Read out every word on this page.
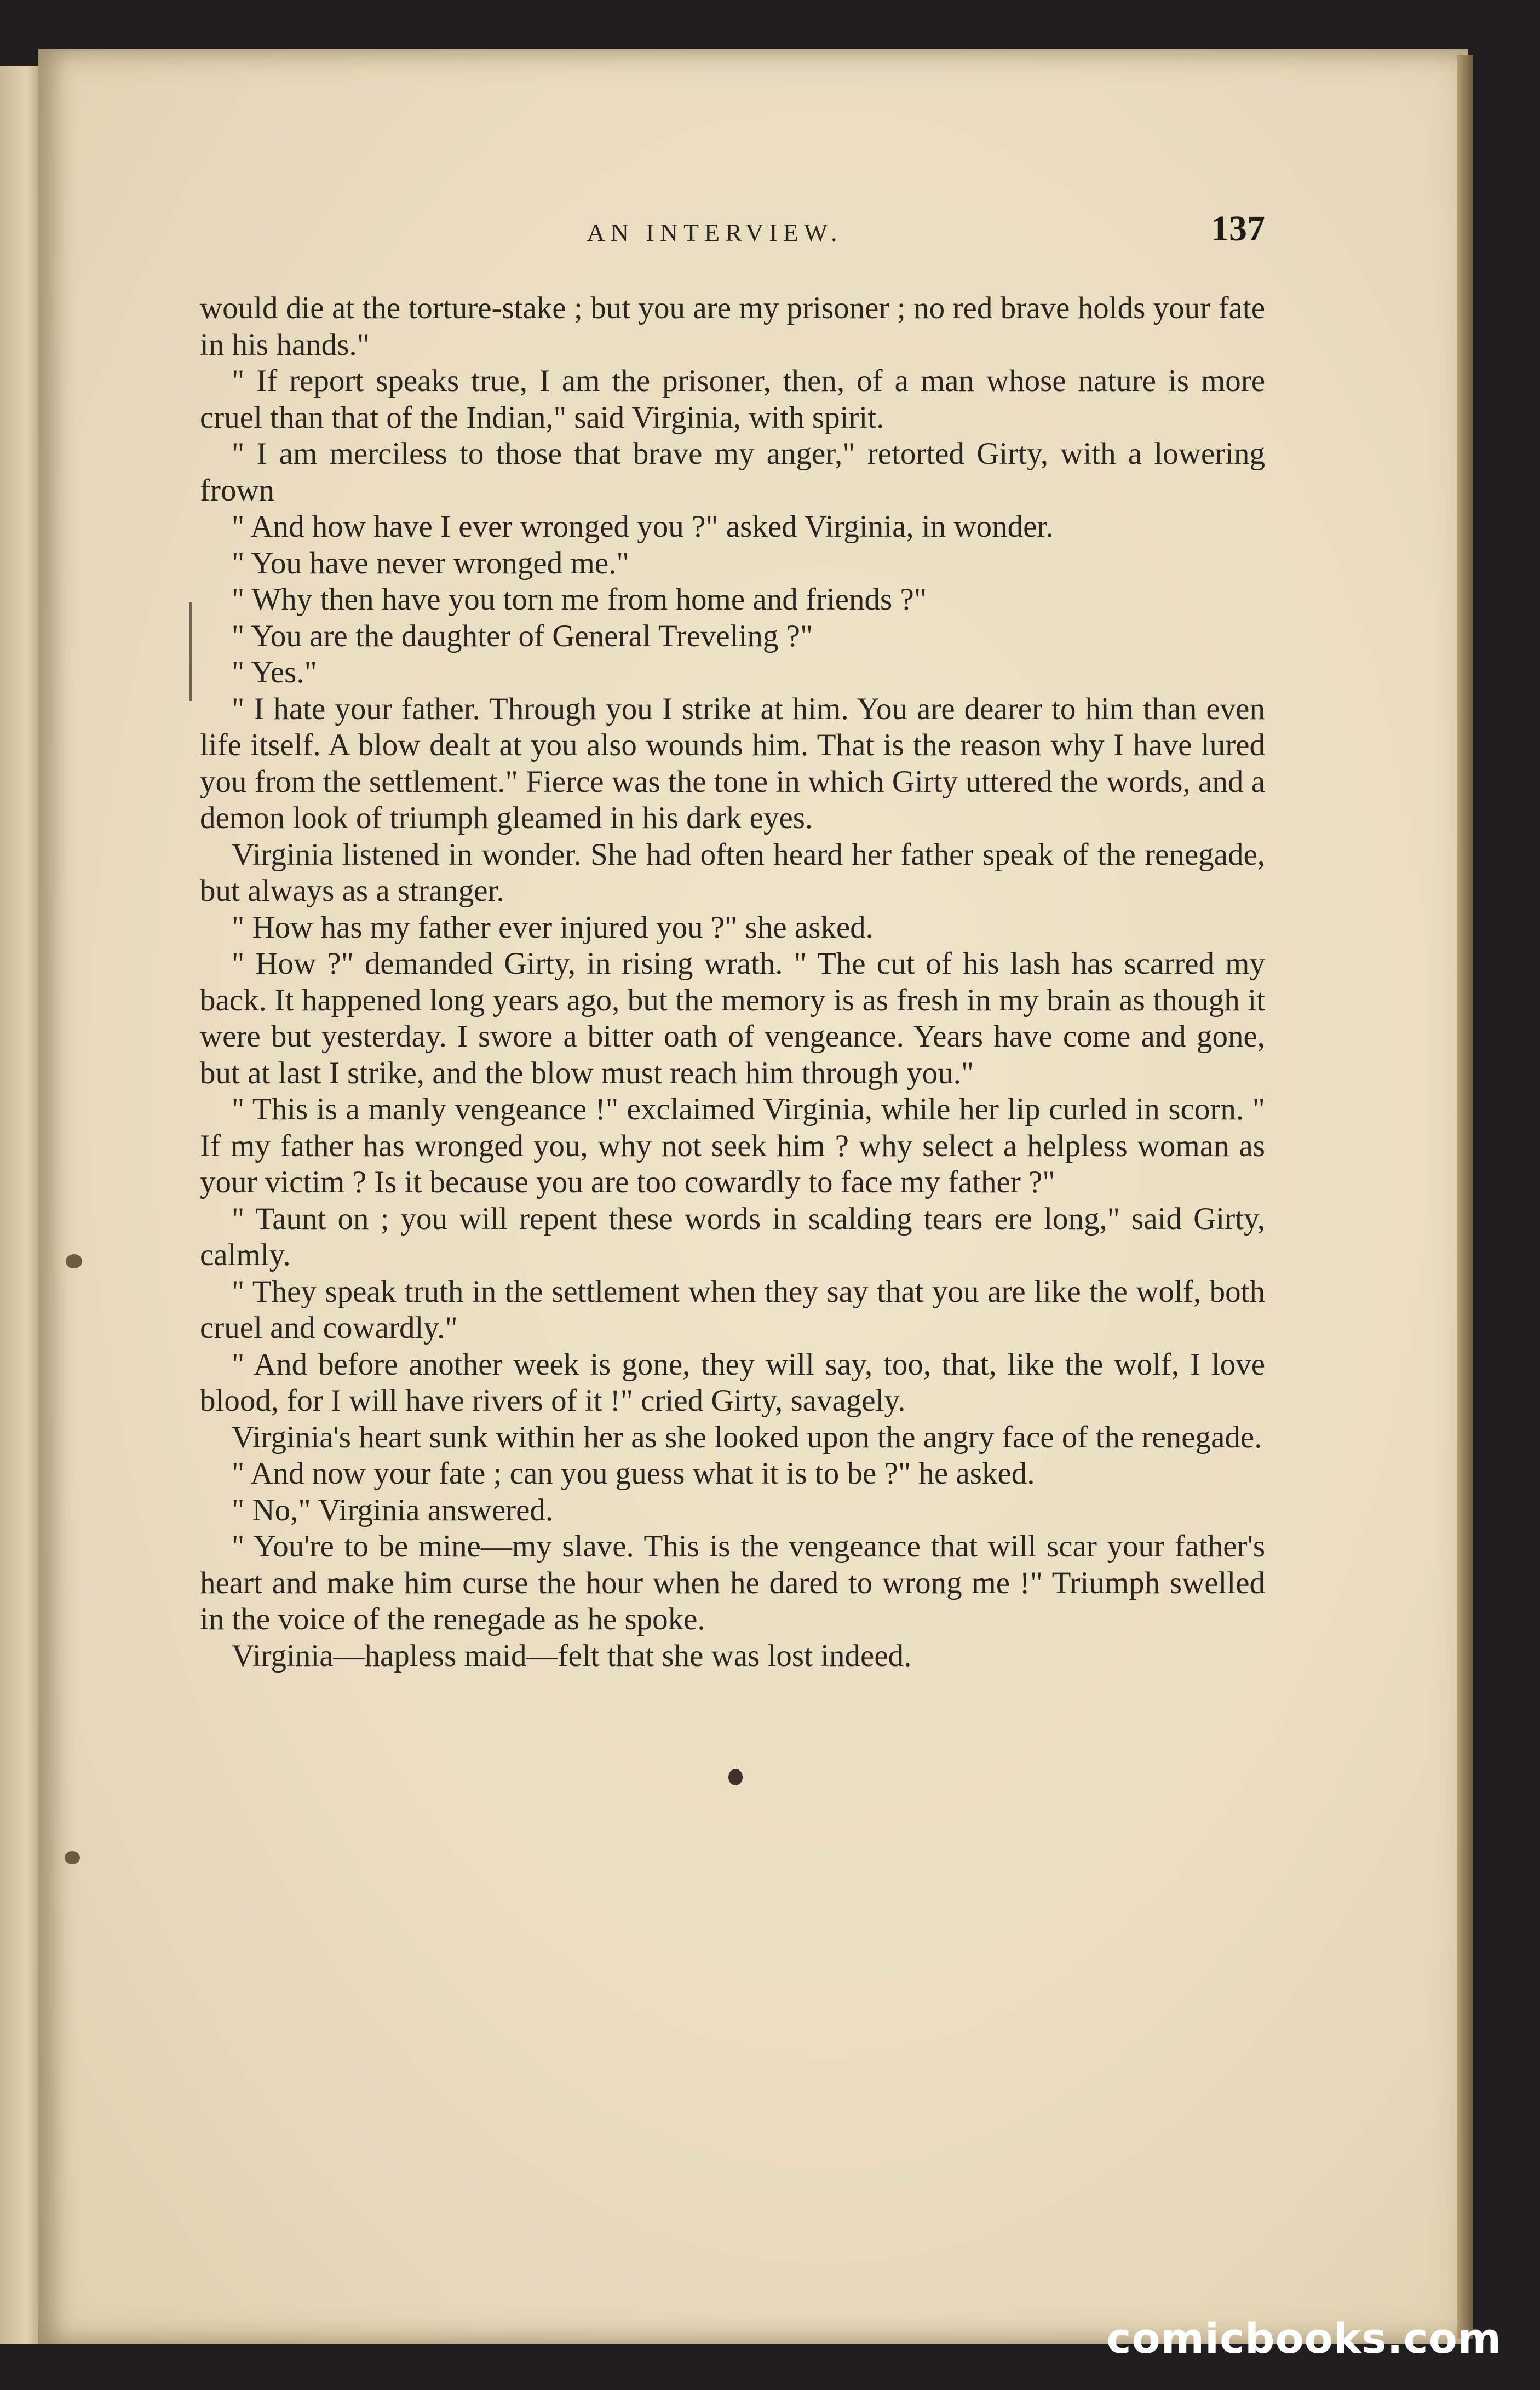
AN INTERVIEW.	137

would die at the torture-stake ; but you are my prisoner ; no red brave holds your fate in his hands."

" If report speaks true, I am the prisoner, then, of a man whose nature is more cruel than that of the Indian," said Virginia, with spirit.

" I am merciless to those that brave my anger," retorted Girty, with a lowering frown

" And how have I ever wronged you ?" asked Virginia, in wonder.

" You have never wronged me."

" Why then have you torn me from home and friends ?"

" You are the daughter of General Treveling ?"

" Yes."

" I hate your father. Through you I strike at him. You are dearer to him than even life itself. A blow dealt at you also wounds him. That is the reason why I have lured you from the settlement." Fierce was the tone in which Girty uttered the words, and a demon look of triumph gleamed in his dark eyes.

Virginia listened in wonder. She had often heard her father speak of the renegade, but always as a stranger.

" How has my father ever injured you ?" she asked.

" How ?" demanded Girty, in rising wrath. " The cut of his lash has scarred my back. It happened long years ago, but the memory is as fresh in my brain as though it were but yesterday. I swore a bitter oath of vengeance. Years have come and gone, but at last I strike, and the blow must reach him through you."

" This is a manly vengeance !" exclaimed Virginia, while her lip curled in scorn. " If my father has wronged you, why not seek him ? why select a helpless woman as your victim ? Is it because you are too cowardly to face my father ?"

" Taunt on ; you will repent these words in scalding tears ere long," said Girty, calmly.

" They speak truth in the settlement when they say that you are like the wolf, both cruel and cowardly."

" And before another week is gone, they will say, too, that, like the wolf, I love blood, for I will have rivers of it !" cried Girty, savagely.

Virginia's heart sunk within her as she looked upon the angry face of the renegade.

" And now your fate ; can you guess what it is to be ?" he asked.

" No," Virginia answered.

" You're to be mine—my slave. This is the vengeance that will scar your father's heart and make him curse the hour when he dared to wrong me !" Triumph swelled in the voice of the renegade as he spoke.

Virginia—hapless maid—felt that she was lost indeed.

comicbooks.com
